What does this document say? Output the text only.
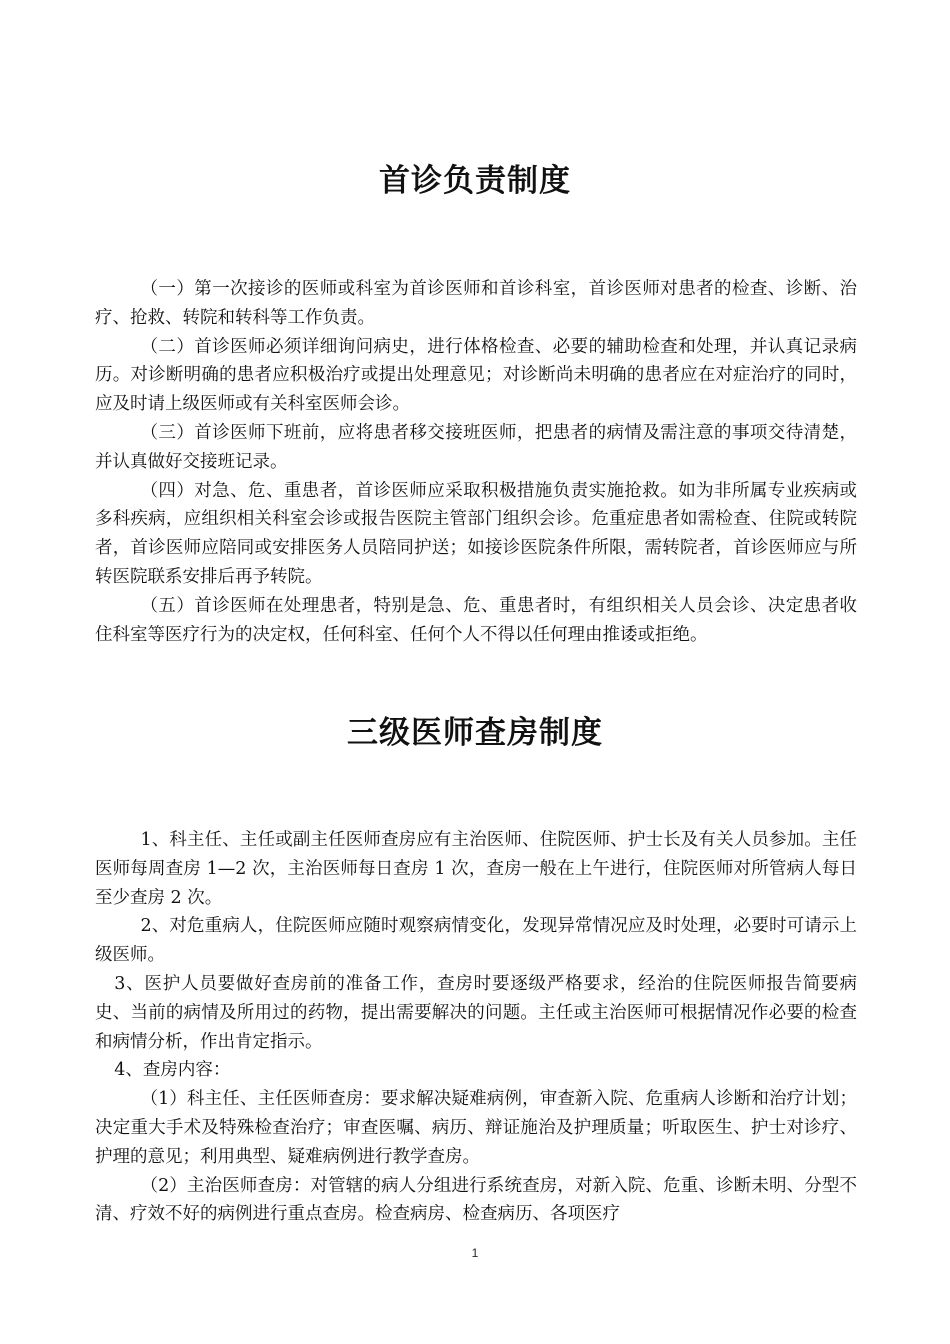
首诊负责制度

（一）第一次接诊的医师或科室为首诊医师和首诊科室，首诊医师对患者的检查、诊断、治疗、抢救、转院和转科等工作负责。

（二）首诊医师必须详细询问病史，进行体格检查、必要的辅助检查和处理，并认真记录病历。对诊断明确的患者应积极治疗或提出处理意见；对诊断尚未明确的患者应在对症治疗的同时，应及时请上级医师或有关科室医师会诊。

（三）首诊医师下班前，应将患者移交接班医师，把患者的病情及需注意的事项交待清楚，并认真做好交接班记录。

（四）对急、危、重患者，首诊医师应采取积极措施负责实施抢救。如为非所属专业疾病或多科疾病，应组织相关科室会诊或报告医院主管部门组织会诊。危重症患者如需检查、住院或转院者，首诊医师应陪同或安排医务人员陪同护送；如接诊医院条件所限，需转院者，首诊医师应与所转医院联系安排后再予转院。

（五）首诊医师在处理患者，特别是急、危、重患者时，有组织相关人员会诊、决定患者收住科室等医疗行为的决定权，任何科室、任何个人不得以任何理由推诿或拒绝。

三级医师查房制度

1、科主任、主任或副主任医师查房应有主治医师、住院医师、护士长及有关人员参加。主任医师每周查房 1—2 次，主治医师每日查房 1 次，查房一般在上午进行，住院医师对所管病人每日至少查房 2 次。

2、对危重病人，住院医师应随时观察病情变化，发现异常情况应及时处理，必要时可请示上级医师。

3、医护人员要做好查房前的准备工作，查房时要逐级严格要求，经治的住院医师报告简要病史、当前的病情及所用过的药物，提出需要解决的问题。主任或主治医师可根据情况作必要的检查和病情分析，作出肯定指示。

4、查房内容：

（1）科主任、主任医师查房：要求解决疑难病例，审查新入院、危重病人诊断和治疗计划；决定重大手术及特殊检查治疗；审查医嘱、病历、辩证施治及护理质量；听取医生、护士对诊疗、护理的意见；利用典型、疑难病例进行教学查房。

（2）主治医师查房：对管辖的病人分组进行系统查房，对新入院、危重、诊断未明、分型不清、疗效不好的病例进行重点查房。检查病房、检查病历、各项医疗

1
